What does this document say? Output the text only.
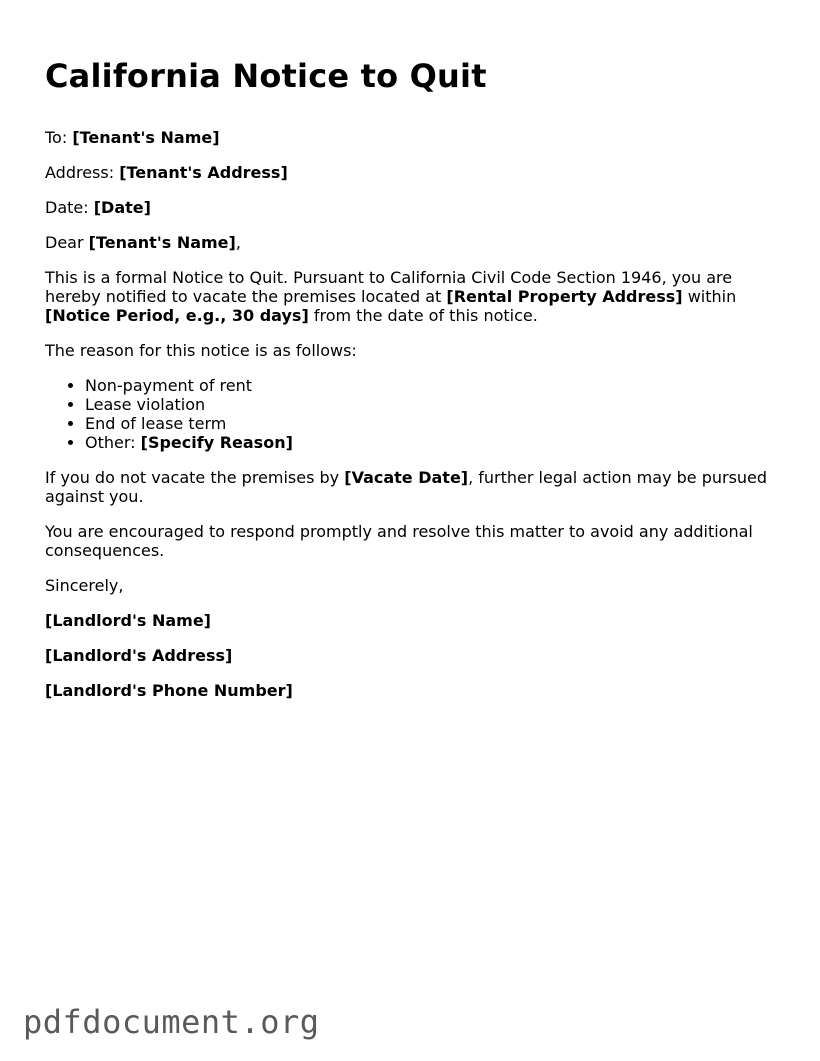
California Notice to Quit

To: [Tenant's Name]

Address: [Tenant's Address]

Date: [Date]

Dear [Tenant's Name],

This is a formal Notice to Quit. Pursuant to California Civil Code Section 1946, you are hereby notified to vacate the premises located at [Rental Property Address] within [Notice Period, e.g., 30 days] from the date of this notice.

The reason for this notice is as follows:

• Non-payment of rent
• Lease violation
• End of lease term
• Other: [Specify Reason]

If you do not vacate the premises by [Vacate Date], further legal action may be pursued against you.

You are encouraged to respond promptly and resolve this matter to avoid any additional consequences.

Sincerely,

[Landlord's Name]

[Landlord's Address]

[Landlord's Phone Number]

pdfdocument.org
